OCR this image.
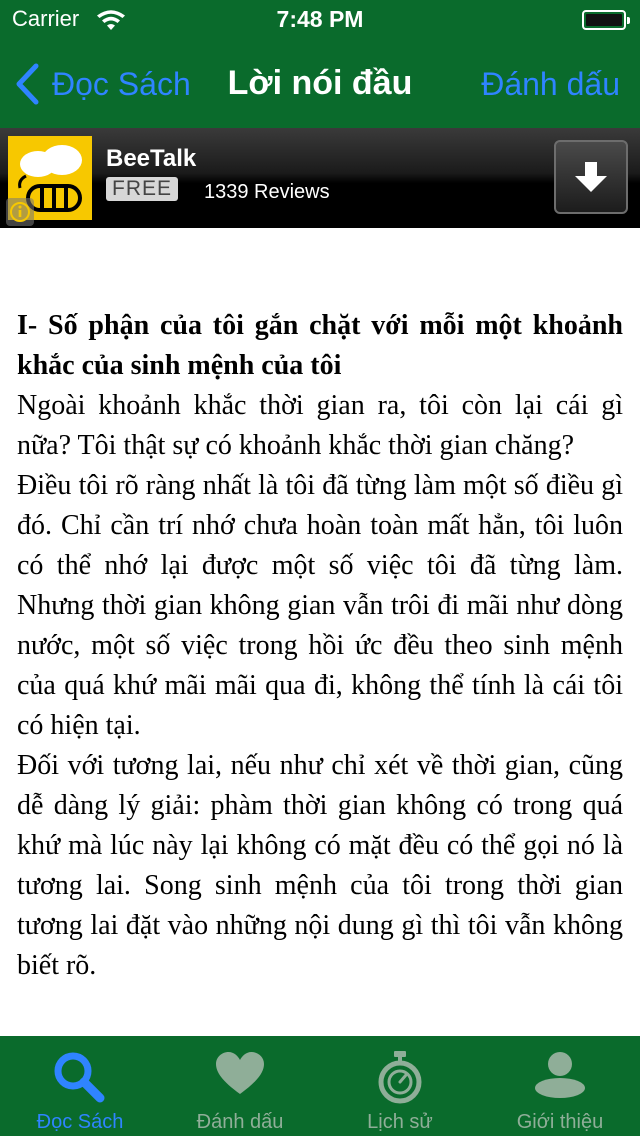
Carrier	7:48 PM
Đọc Sách	Lời nói đầu	Đánh dấu
BeeTalk
FREE	1339 Reviews

I- Số phận của tôi gắn chặt với mỗi một khoảnh khắc của sinh mệnh của tôi

Ngoài khoảnh khắc thời gian ra, tôi còn lại cái gì nữa? Tôi thật sự có khoảnh khắc thời gian chăng?

Điều tôi rõ ràng nhất là tôi đã từng làm một số điều gì đó. Chỉ cần trí nhớ chưa hoàn toàn mất hẳn, tôi luôn có thể nhớ lại được một số việc tôi đã từng làm. Nhưng thời gian không gian vẫn trôi đi mãi như dòng nước, một số việc trong hồi ức đều theo sinh mệnh của quá khứ mãi mãi qua đi, không thể tính là cái tôi có hiện tại.

Đối với tương lai, nếu như chỉ xét về thời gian, cũng dễ dàng lý giải: phàm thời gian không có trong quá khứ mà lúc này lại không có mặt đều có thể gọi nó là tương lai. Song sinh mệnh của tôi trong thời gian tương lai đặt vào những nội dung gì thì tôi vẫn không biết rõ.

Đọc Sách	Đánh dấu	Lịch sử	Giới thiệu
